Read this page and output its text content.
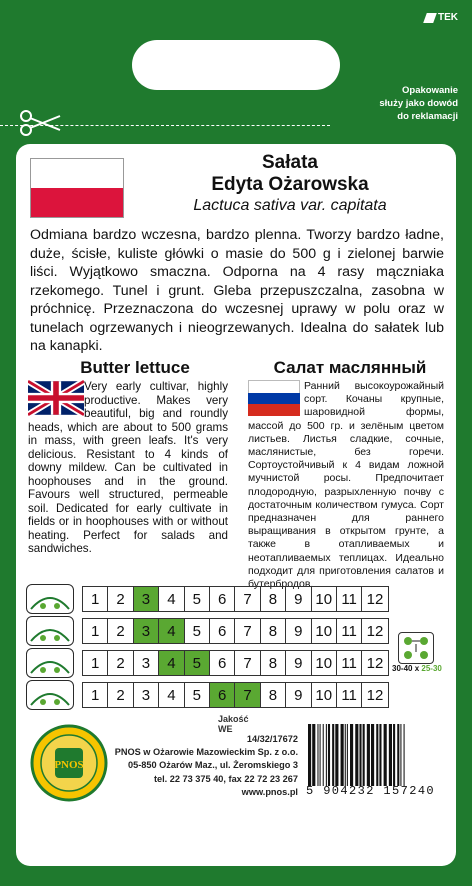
TEK
Opakowanie
służy jako dowód
do reklamacji
Sałata
Edyta Ożarowska
Lactuca sativa var. capitata
Odmiana bardzo wczesna, bardzo plenna. Tworzy bardzo ładne, duże, ścisłe, kuliste główki o masie do 500 g i zielonej barwie liści. Wyjątkowo smaczna. Odporna na 4 rasy mączniaka rzekomego. Tunel i grunt. Gleba przepuszczalna, zasobna w próchnicę. Przeznaczona do wczesnej uprawy w polu oraz w tunelach ogrzewanych i nieogrzewanych. Idealna do sałatek lub na kanapki.
Butter lettuce	Салат маслянный
Very early cultivar, highly productive. Makes very beautiful, big and roundly heads, which are about to 500 grams in mass, with green leafs. It's very delicious. Resistant to 4 kinds of downy mildew. Can be cultivated in hoophouses and in the ground. Favours well structured, permeable soil. Dedicated for early cultivate in fields or in hoophouses with or without heating. Perfect for salads and sandwiches.
Ранний высокоурожайный сорт. Кочаны крупные, шаровидной формы, массой до 500 гр. и зелёным цветом листьев. Листья сладкие, сочные, маслянистые, без горечи. Сортоустойчивый к 4 видам ложной мучнистой росы. Предпочитает плодородную, разрыхленную почву с достаточным количеством гумуса. Сорт предназначен для раннего выращивания в открытом грунте, а также в отапливаемых и неотапливаемых теплицах. Идеально подходит для приготовления салатов и бутербродов.
1	2	3	4	5	6	7	8	9 10 11 12
1	2	3	4	5	6	7	8	9 10 11 12
1	2	3	4	5	6	7	8	9 10 11 12
1	2	3	4	5	6	7	8	9 10 11 12
30-40 x 25-30
Jakość WE
PNOS
14/32/17672
PNOS w Ożarowie Mazowieckim Sp. z o.o.
05-850 Ożarów Maz., ul. Żeromskiego 3
tel. 22 73 375 40, fax 22 72 23 267
www.pnos.pl 5 904232 157240
